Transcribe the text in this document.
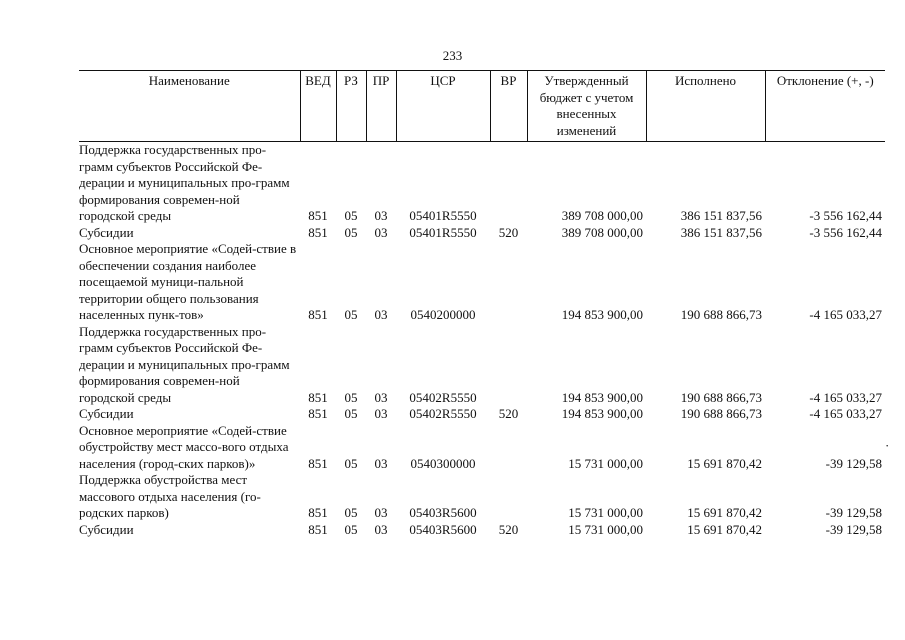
233
Наименование	ВЕД	РЗ	ПР	ЦСР	ВР	Утвержденный бюджет с учетом внесенных изменений	Исполнено	Отклонение (+, -)
Поддержка государственных про-грамм субъектов Российской Фе-дерации и муниципальных про-грамм формирования современ-ной городской среды	851	05	03	05401R5550		389 708 000,00	386 151 837,56	-3 556 162,44
Субсидии	851	05	03	05401R5550	520	389 708 000,00	386 151 837,56	-3 556 162,44
Основное мероприятие «Содей-ствие в обеспечении создания наиболее посещаемой муници-пальной территории общего пользования населенных пунк-тов»	851	05	03	0540200000		194 853 900,00	190 688 866,73	-4 165 033,27
Поддержка государственных про-грамм субъектов Российской Фе-дерации и муниципальных про-грамм формирования современ-ной городской среды	851	05	03	05402R5550		194 853 900,00	190 688 866,73	-4 165 033,27
Субсидии	851	05	03	05402R5550	520	194 853 900,00	190 688 866,73	-4 165 033,27
Основное мероприятие «Содей-ствие обустройству мест массо-вого отдыха населения (город-ских парков)»	851	05	03	0540300000		15 731 000,00	15 691 870,42	-39 129,58
Поддержка обустройства мест массового отдыха населения (го-родских парков)	851	05	03	05403R5600		15 731 000,00	15 691 870,42	-39 129,58
Субсидии	851	05	03	05403R5600	520	15 731 000,00	15 691 870,42	-39 129,58
·
